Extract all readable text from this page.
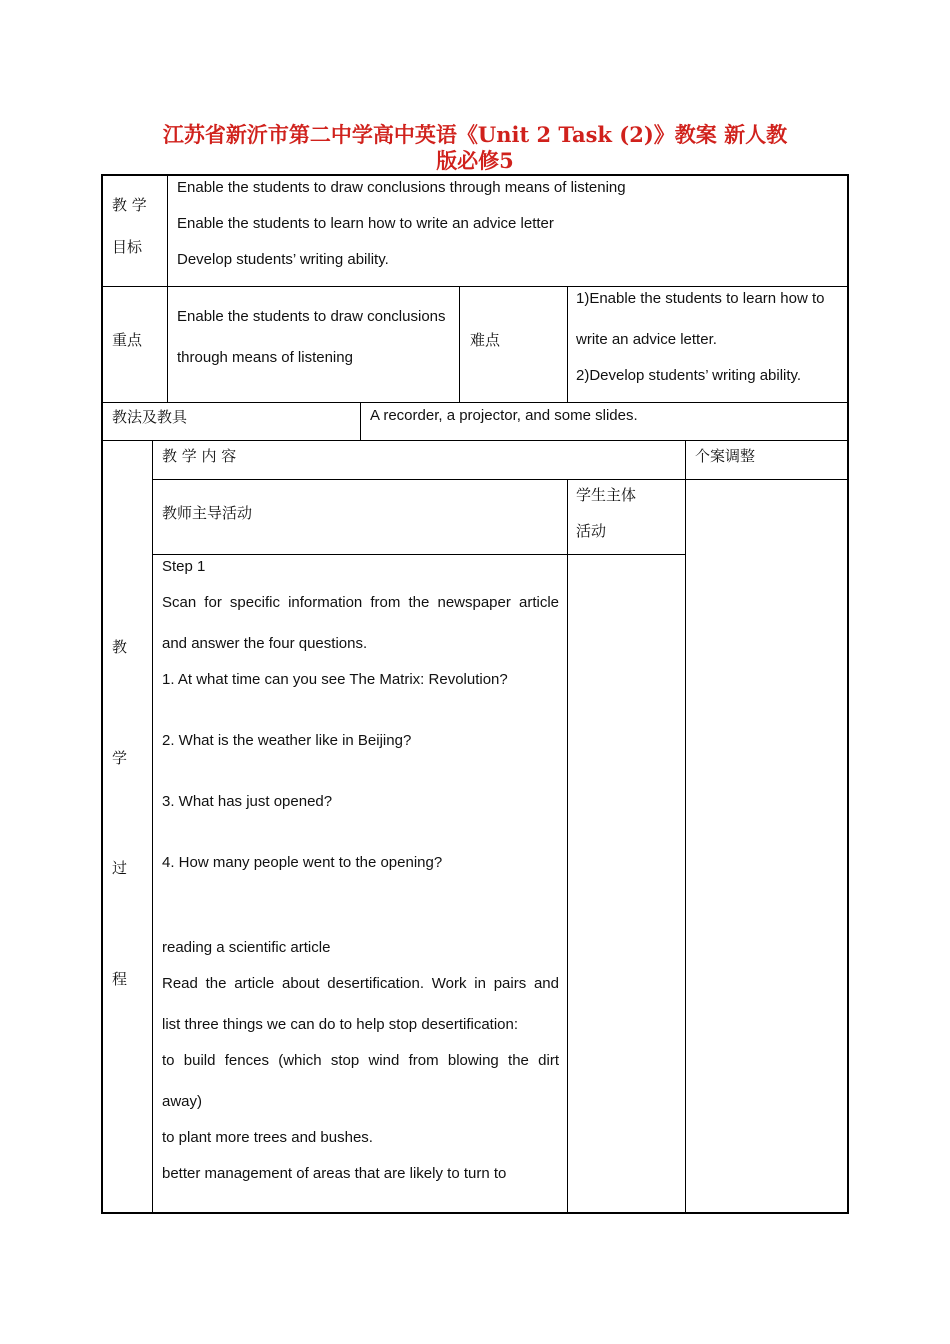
江苏省新沂市第二中学高中英语《Unit 2 Task (2)》教案 新人教
版必修5
教 学
目标
Enable the students to draw conclusions through means of listening
Enable the students to learn how to write an advice letter
Develop students’ writing ability.
重点
Enable the students to draw conclusions
through means of listening
难点
1)Enable the students to learn how to
write an advice letter.
2)Develop students’ writing ability.
教法及教具	A recorder, a projector, and some slides.
教
学
过
程
教 学 内 容	个案调整
教师主导活动
学生主体
活动
Step 1
Scan for specific information from the newspaper article
and answer the four questions.
1. At what time can you see The Matrix: Revolution?
2. What is the weather like in Beijing?
3. What has just opened?
4. How many people went to the opening?
reading a scientific article
Read the article about desertification. Work in pairs and
list three things we can do to help stop desertification:
to build fences (which stop wind from blowing the dirt
away)
to plant more trees and bushes.
better management of areas that are likely to turn to
